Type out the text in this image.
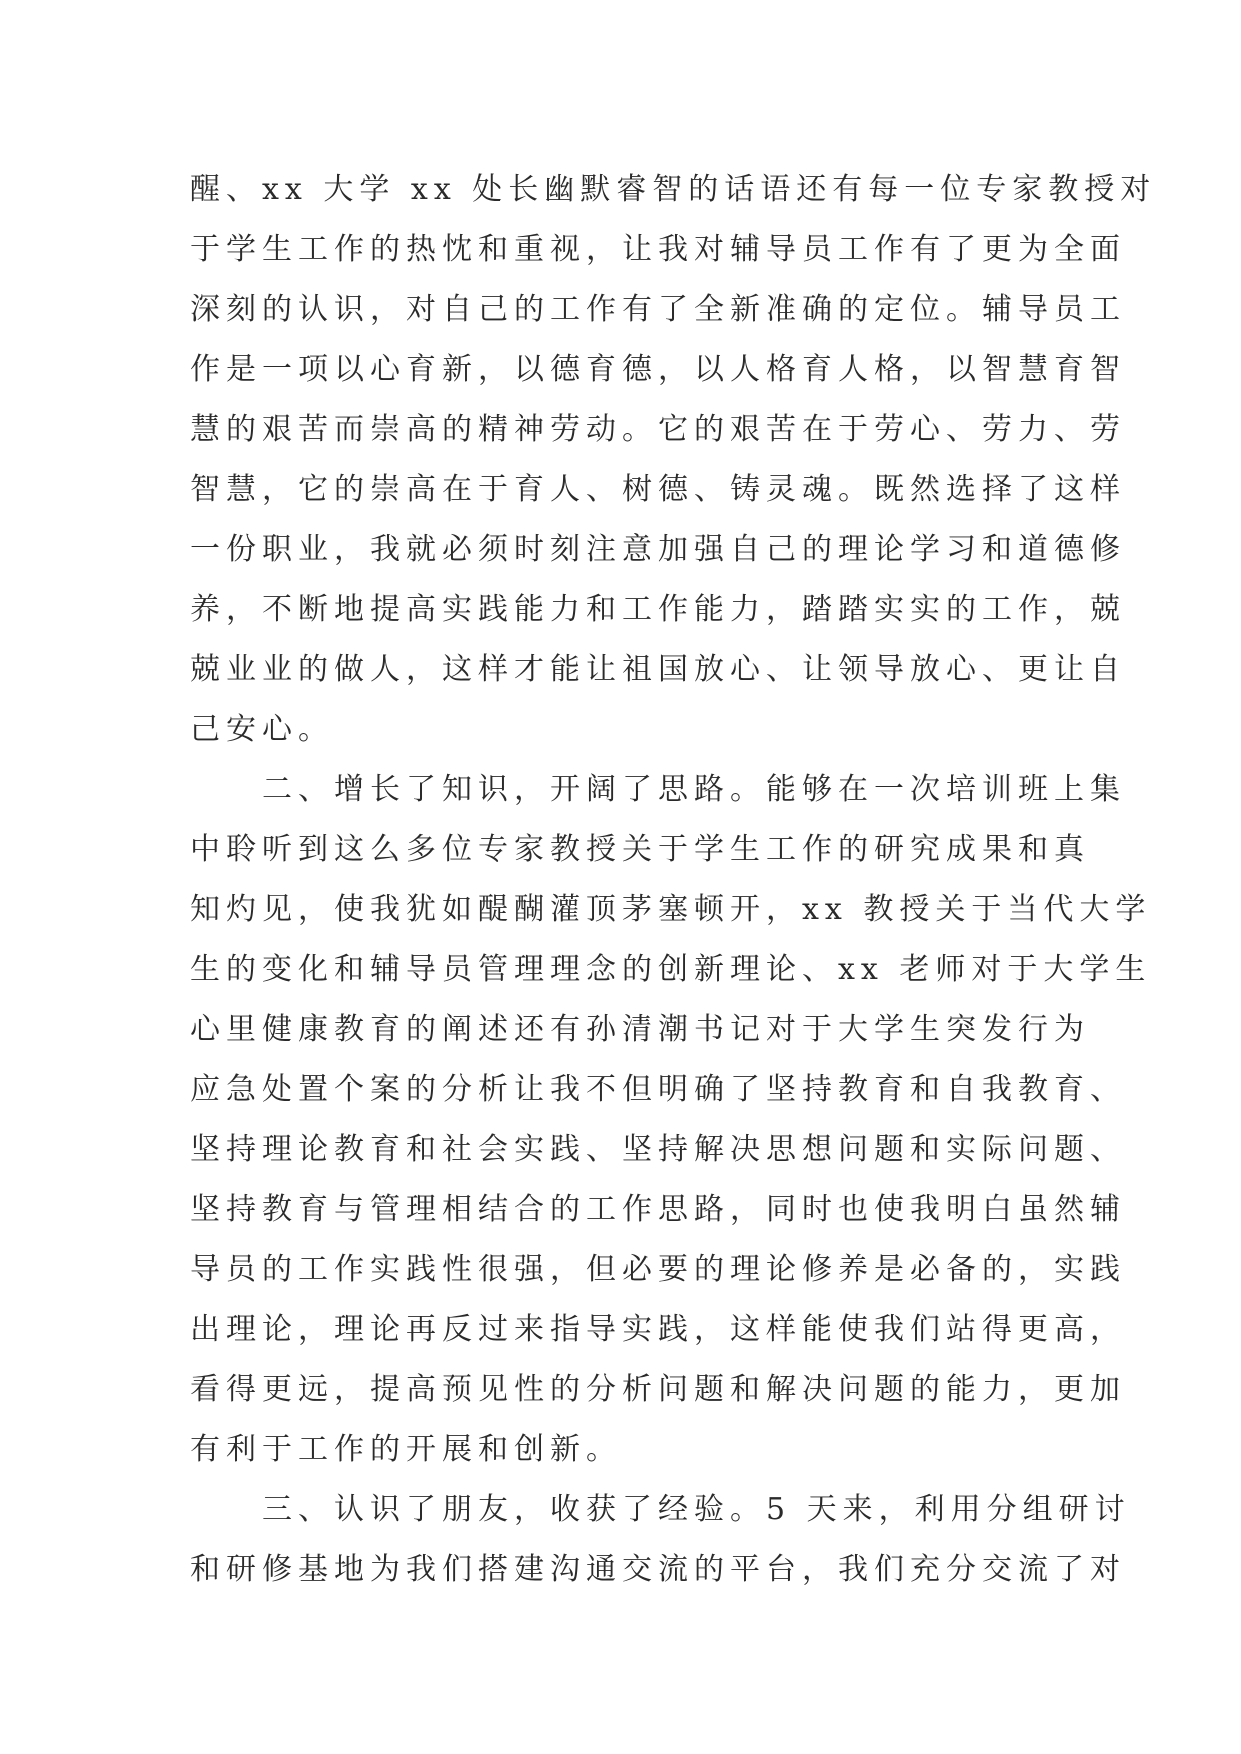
醒、xx 大学 xx 处长幽默睿智的话语还有每一位专家教授对
于学生工作的热忱和重视，让我对辅导员工作有了更为全面
深刻的认识，对自己的工作有了全新准确的定位。辅导员工
作是一项以心育新，以德育德，以人格育人格，以智慧育智
慧的艰苦而崇高的精神劳动。它的艰苦在于劳心、劳力、劳
智慧，它的崇高在于育人、树德、铸灵魂。既然选择了这样
一份职业，我就必须时刻注意加强自己的理论学习和道德修
养，不断地提高实践能力和工作能力，踏踏实实的工作，兢
兢业业的做人，这样才能让祖国放心、让领导放心、更让自
己安心。
　　二、增长了知识，开阔了思路。能够在一次培训班上集
中聆听到这么多位专家教授关于学生工作的研究成果和真
知灼见，使我犹如醍醐灌顶茅塞顿开，xx 教授关于当代大学
生的变化和辅导员管理理念的创新理论、xx 老师对于大学生
心里健康教育的阐述还有孙清潮书记对于大学生突发行为
应急处置个案的分析让我不但明确了坚持教育和自我教育、
坚持理论教育和社会实践、坚持解决思想问题和实际问题、
坚持教育与管理相结合的工作思路，同时也使我明白虽然辅
导员的工作实践性很强，但必要的理论修养是必备的，实践
出理论，理论再反过来指导实践，这样能使我们站得更高，
看得更远，提高预见性的分析问题和解决问题的能力，更加
有利于工作的开展和创新。
　　三、认识了朋友，收获了经验。5 天来，利用分组研讨
和研修基地为我们搭建沟通交流的平台，我们充分交流了对
